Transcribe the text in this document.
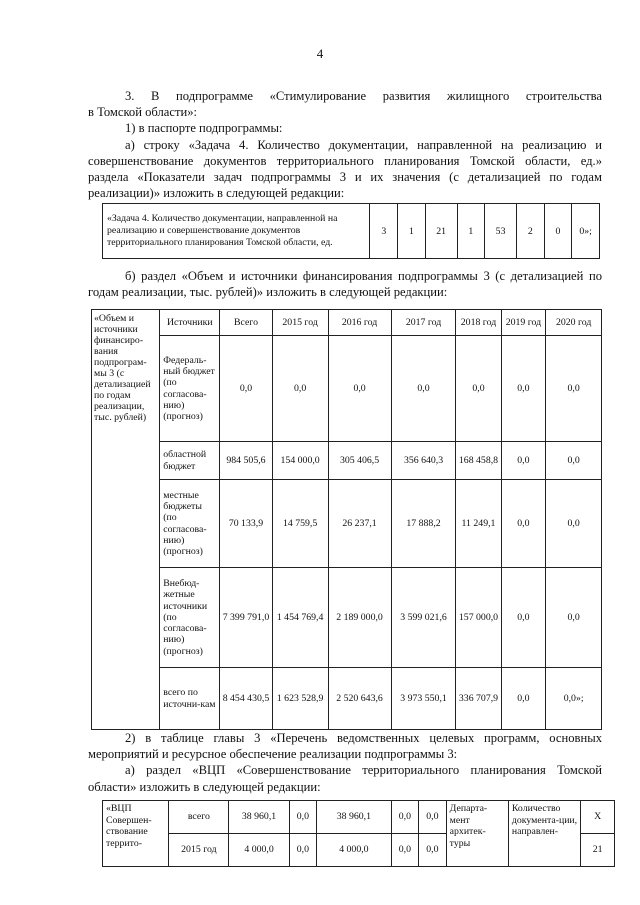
4

3. В подпрограмме «Стимулирование развития жилищного строительства

в Томской области»:

1) в паспорте подпрограммы:

а) строку «Задача 4. Количество документации, направленной на реализацию и совершенствование документов территориального планирования Томской области, ед.» раздела «Показатели задач подпрограммы 3 и их значения (с детализацией по годам реализации)» изложить в следующей редакции:

«Задача 4. Количество документации, направленной на реализацию и совершенствование документов территориального планирования Томской области, ед.	3	1	21	1	53	2	0	0»;

б) раздел «Объем и источники финансирования подпрограммы 3 (с детализацией по годам реализации, тыс. рублей)» изложить в следующей редакции:

«Объем и источники финансиро-вания подпрограм-мы 3 (с детализацией по годам реализации, тыс. рублей)	Источники	Всего	2015 год	2016 год	2017 год	2018 год	2019 год	2020 год
	Федераль-ный бюджет (по согласова-нию) (прогноз)	0,0	0,0	0,0	0,0	0,0	0,0	0,0
	областной бюджет	984 505,6	154 000,0	305 406,5	356 640,3	168 458,8	0,0	0,0
	местные бюджеты (по согласова-нию) (прогноз)	70 133,9	14 759,5	26 237,1	17 888,2	11 249,1	0,0	0,0
	Внебюд-жетные источники (по согласова-нию) (прогноз)	7 399 791,0	1 454 769,4	2 189 000,0	3 599 021,6	157 000,0	0,0	0,0
	всего по источни-кам	8 454 430,5	1 623 528,9	2 520 643,6	3 973 550,1	336 707,9	0,0	0,0»;

2) в таблице главы 3 «Перечень ведомственных целевых программ, основных мероприятий и ресурсное обеспечение реализации подпрограммы 3:

а) раздел «ВЦП «Совершенствование территориального планирования Томской области» изложить в следующей редакции:

«ВЦП Совершен-ствование террито-	всего	38 960,1	0,0	38 960,1	0,0	0,0	Департа-мент архитек-туры	Количество документа-ции, направлен-	Х
	2015 год	4 000,0	0,0	4 000,0	0,0	0,0			21
